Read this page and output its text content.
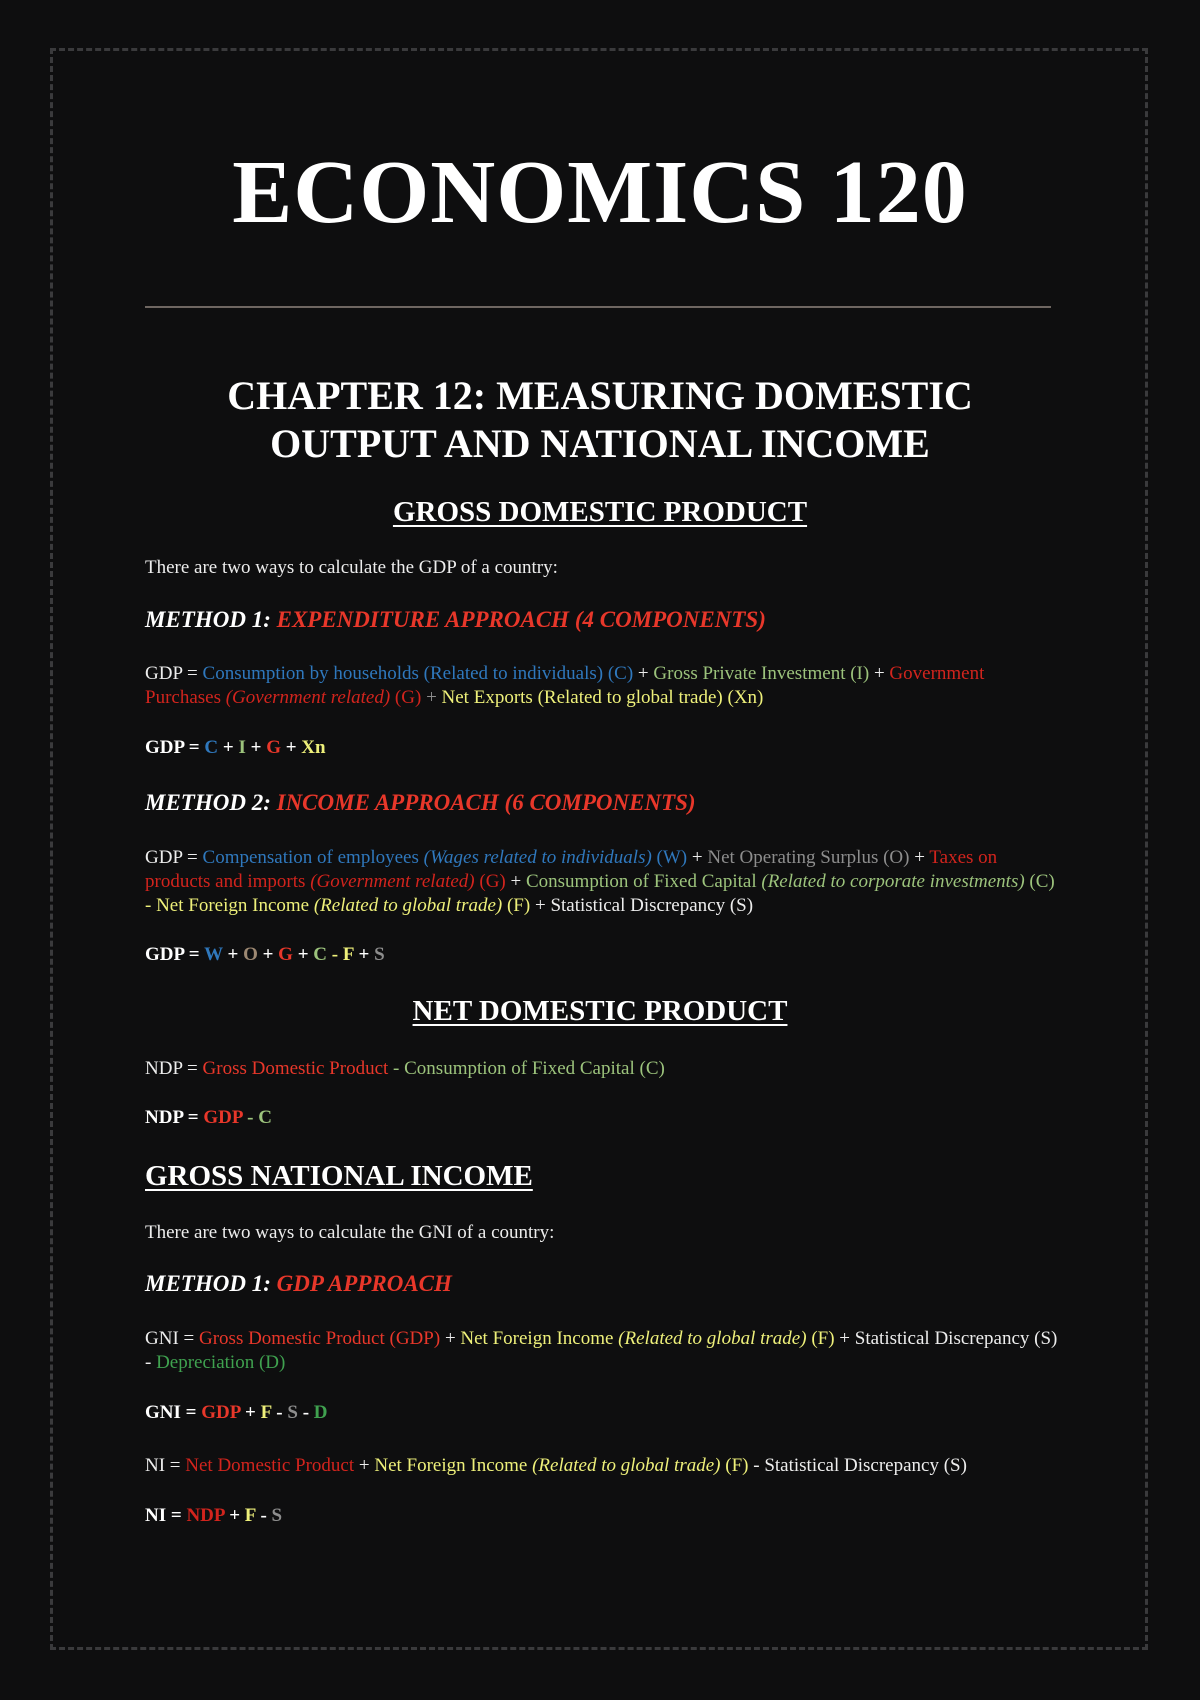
ECONOMICS 120
CHAPTER 12: MEASURING DOMESTIC
OUTPUT AND NATIONAL INCOME
GROSS DOMESTIC PRODUCT
There are two ways to calculate the GDP of a country:
METHOD 1: EXPENDITURE APPROACH (4 COMPONENTS)
GDP = Consumption by households (Related to individuals) (C) + Gross Private Investment (I) + Government Purchases (Government related) (G) + Net Exports (Related to global trade) (Xn)
GDP = C + I + G + Xn
METHOD 2: INCOME APPROACH (6 COMPONENTS)
GDP = Compensation of employees (Wages related to individuals) (W) + Net Operating Surplus (O) + Taxes on products and imports (Government related) (G) + Consumption of Fixed Capital (Related to corporate investments) (C) - Net Foreign Income (Related to global trade) (F) + Statistical Discrepancy (S)
GDP = W + O + G + C - F + S
NET DOMESTIC PRODUCT
NDP = Gross Domestic Product - Consumption of Fixed Capital (C)
NDP = GDP - C
GROSS NATIONAL INCOME
There are two ways to calculate the GNI of a country:
METHOD 1: GDP APPROACH
GNI = Gross Domestic Product (GDP) + Net Foreign Income (Related to global trade) (F) + Statistical Discrepancy (S) - Depreciation (D)
GNI = GDP + F - S - D
NI = Net Domestic Product + Net Foreign Income (Related to global trade) (F) - Statistical Discrepancy (S)
NI = NDP + F - S
